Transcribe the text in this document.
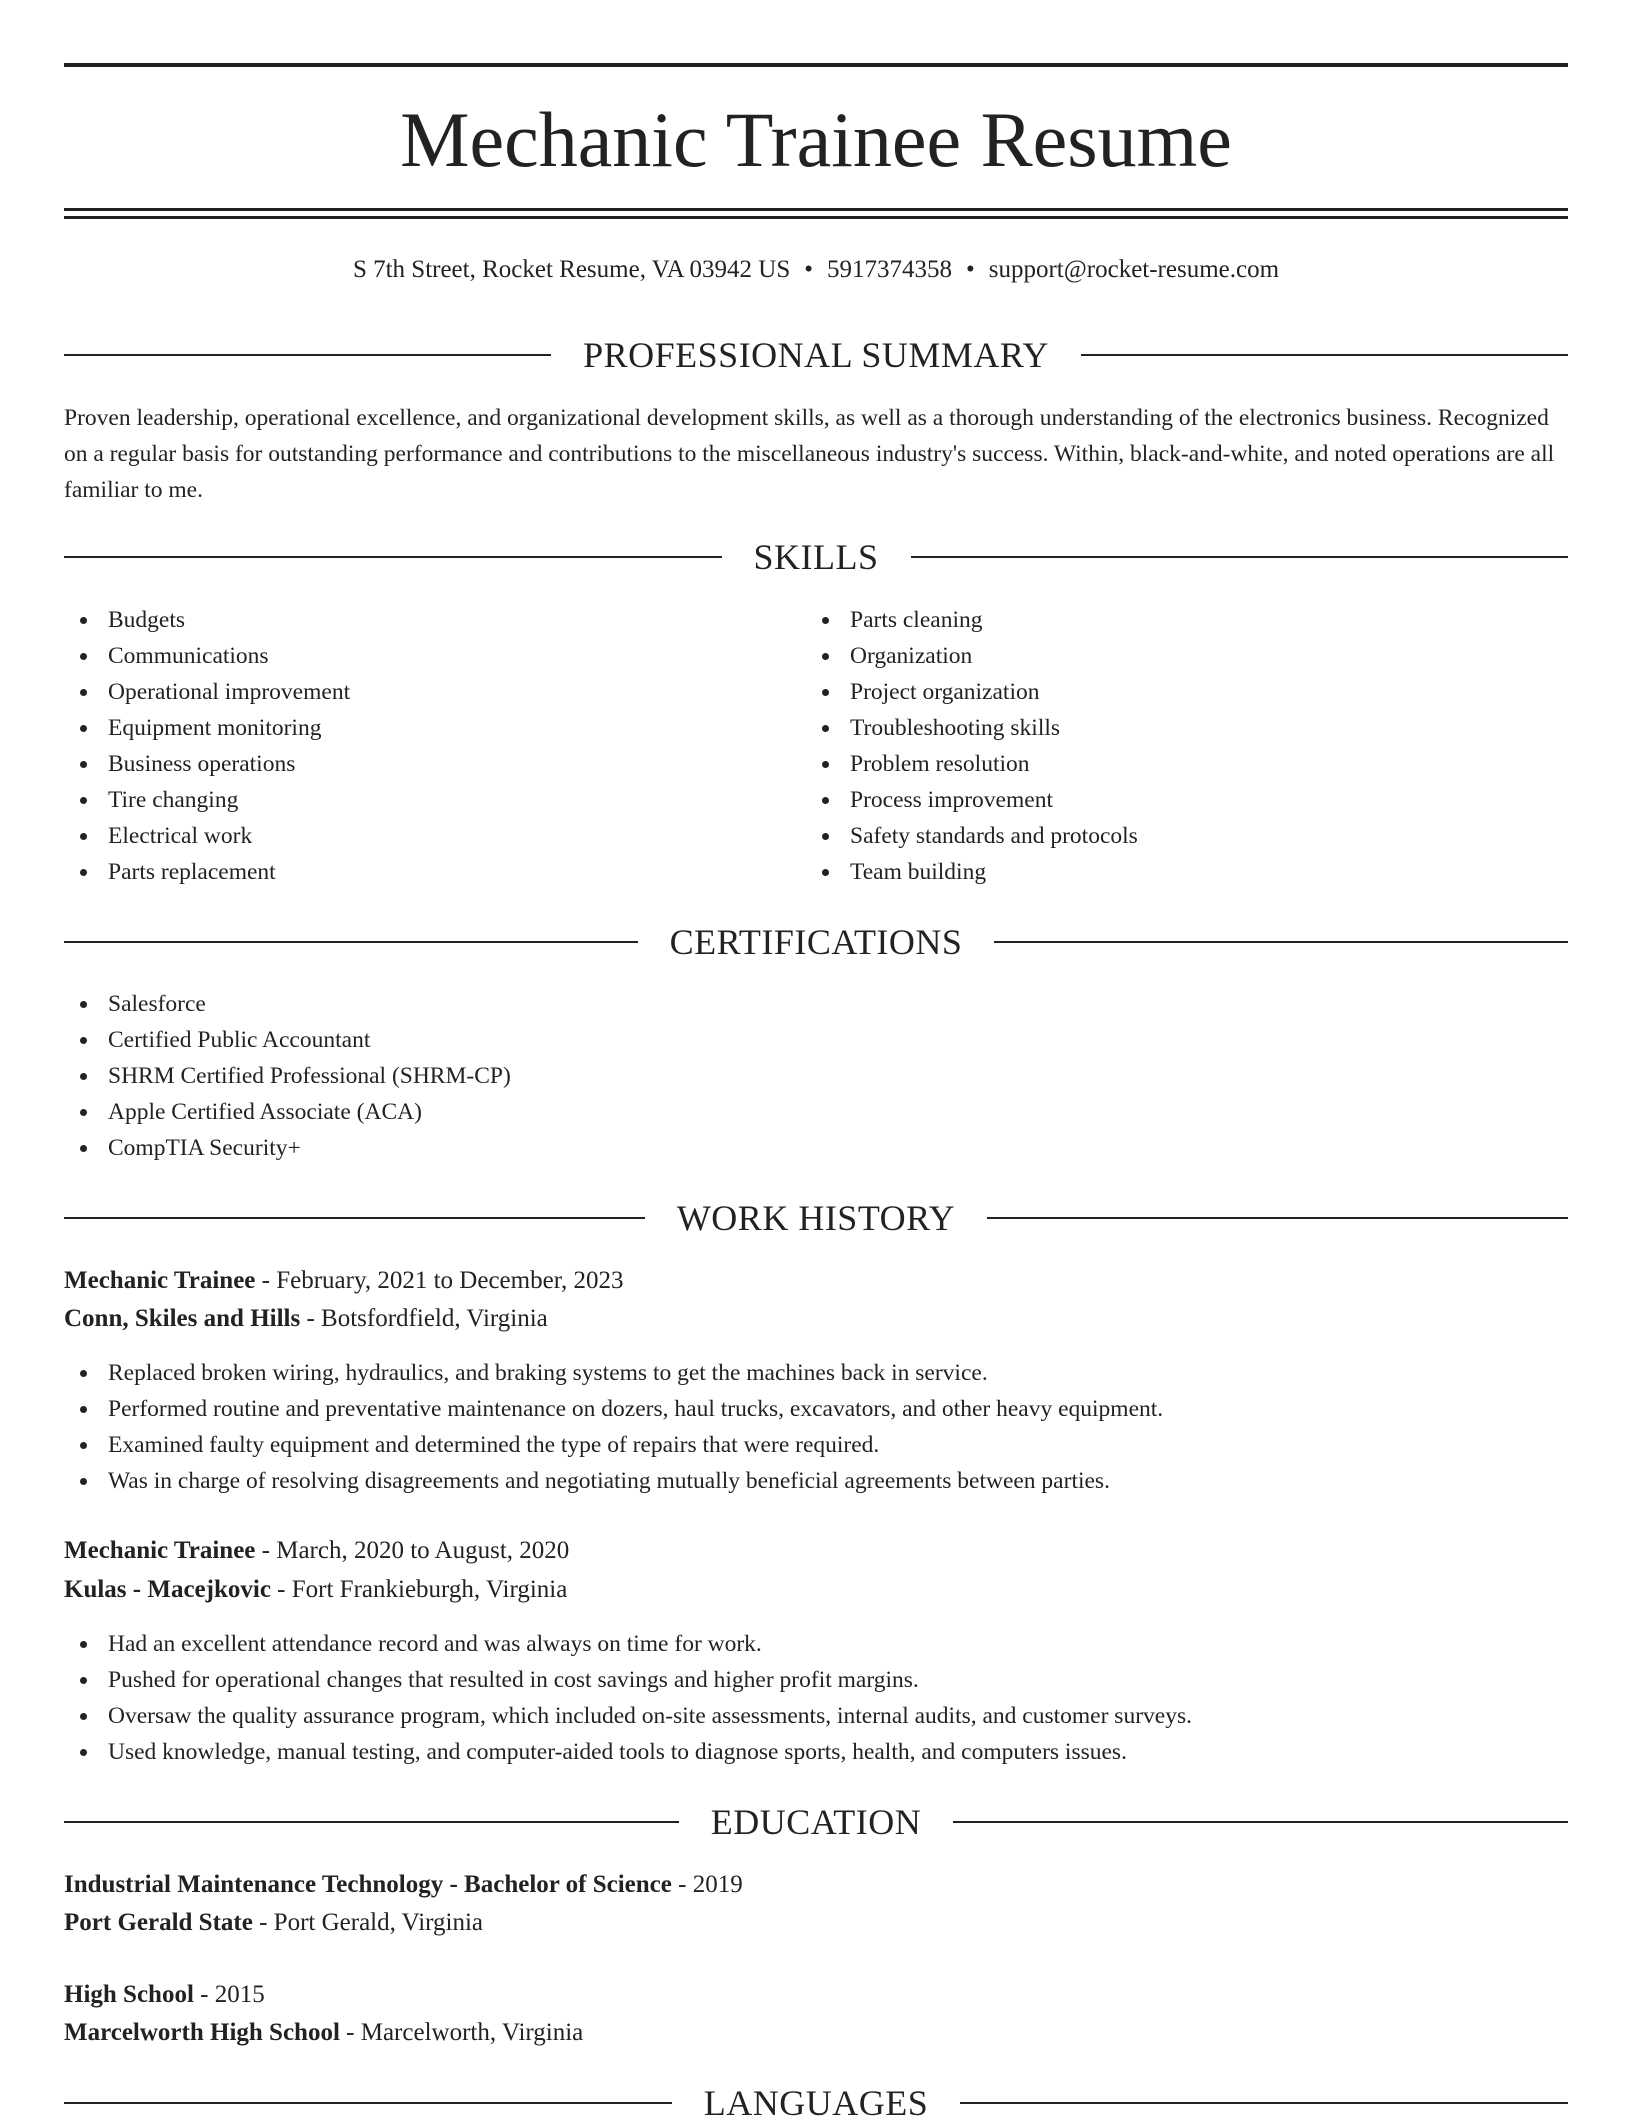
Mechanic Trainee Resume
S 7th Street, Rocket Resume, VA 03942 US • 5917374358 • support@rocket-resume.com
PROFESSIONAL SUMMARY

Proven leadership, operational excellence, and organizational development skills, as well as a thorough understanding of the electronics business. Recognized on a regular basis for outstanding performance and contributions to the miscellaneous industry's success. Within, black-and-white, and noted operations are all familiar to me.

SKILLS
Budgets
Communications
Operational improvement
Equipment monitoring
Business operations
Tire changing
Electrical work
Parts replacement
Parts cleaning
Organization
Project organization
Troubleshooting skills
Problem resolution
Process improvement
Safety standards and protocols
Team building
CERTIFICATIONS
Salesforce
Certified Public Accountant
SHRM Certified Professional (SHRM-CP)
Apple Certified Associate (ACA)
CompTIA Security+
WORK HISTORY
Mechanic Trainee - February, 2021 to December, 2023
Conn, Skiles and Hills - Botsfordfield, Virginia
Replaced broken wiring, hydraulics, and braking systems to get the machines back in service.
Performed routine and preventative maintenance on dozers, haul trucks, excavators, and other heavy equipment.
Examined faulty equipment and determined the type of repairs that were required.
Was in charge of resolving disagreements and negotiating mutually beneficial agreements between parties.
Mechanic Trainee - March, 2020 to August, 2020
Kulas - Macejkovic - Fort Frankieburgh, Virginia
Had an excellent attendance record and was always on time for work.
Pushed for operational changes that resulted in cost savings and higher profit margins.
Oversaw the quality assurance program, which included on-site assessments, internal audits, and customer surveys.
Used knowledge, manual testing, and computer-aided tools to diagnose sports, health, and computers issues.
EDUCATION
Industrial Maintenance Technology - Bachelor of Science - 2019
Port Gerald State - Port Gerald, Virginia
High School - 2015
Marcelworth High School - Marcelworth, Virginia
LANGUAGES
